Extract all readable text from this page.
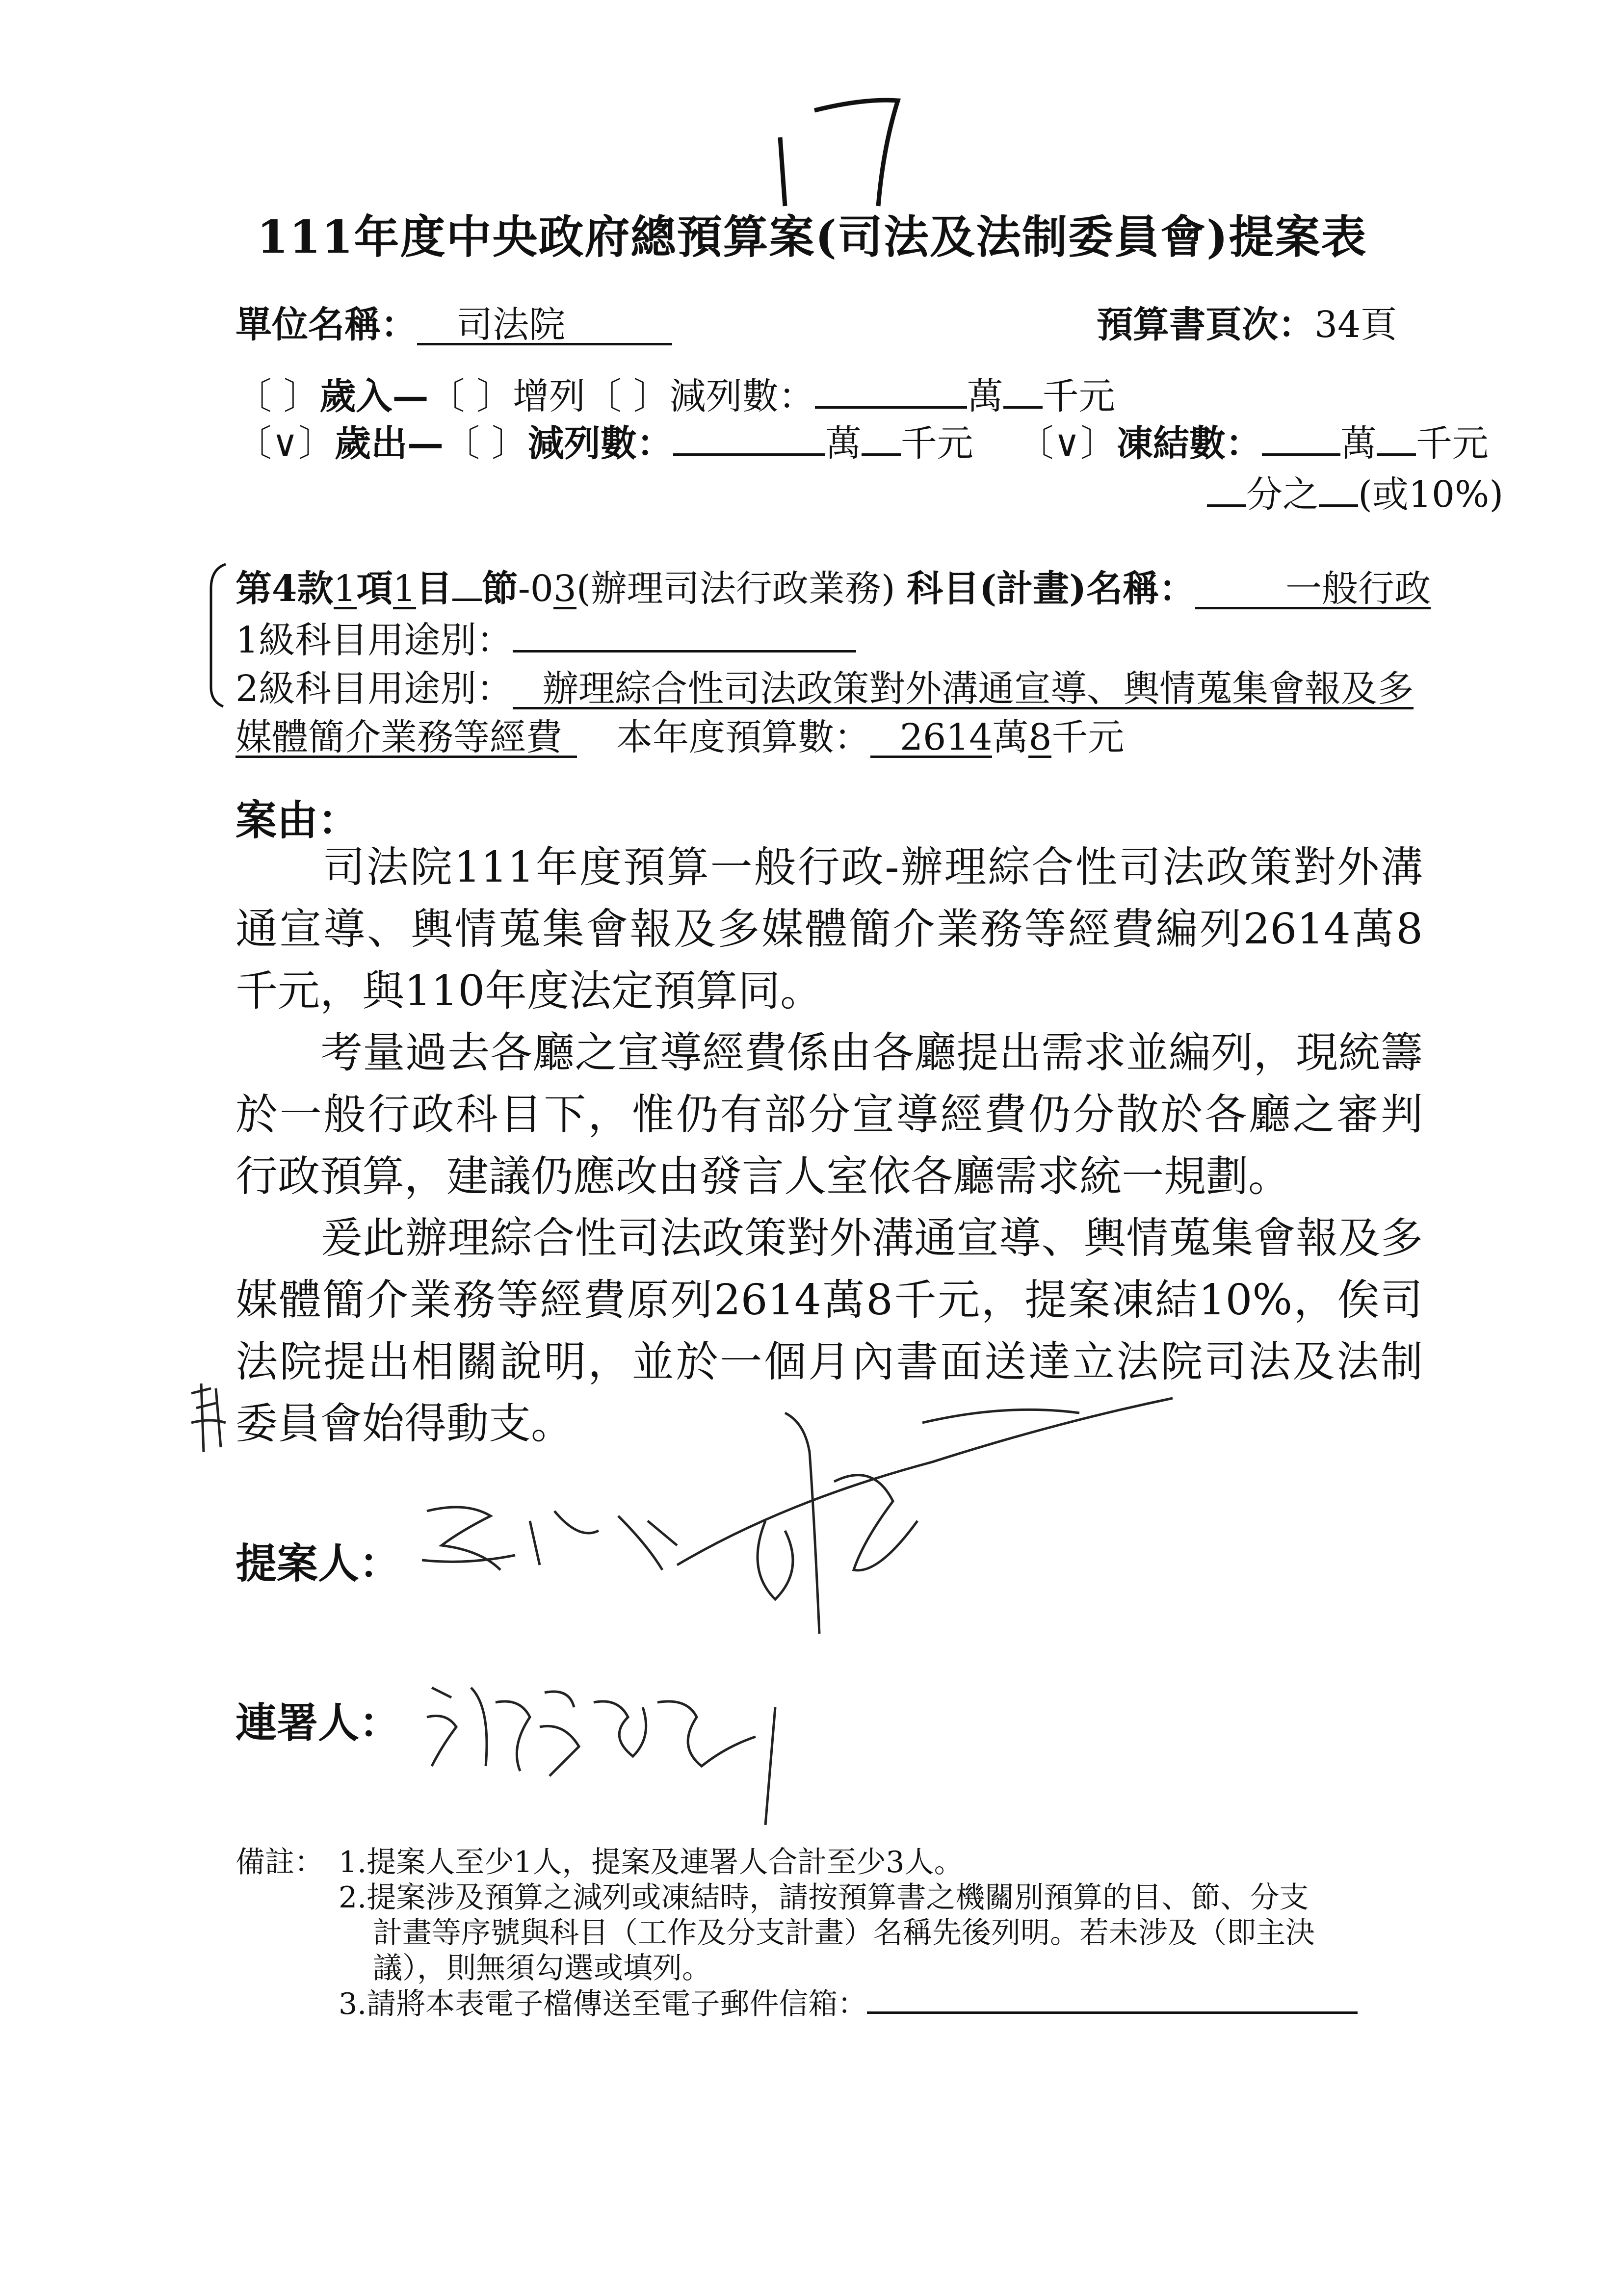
111年度中央政府總預算案(司法及法制委員會)提案表
單位名稱： 司法院	預算書頁次：34頁
〔 〕歲入—〔 〕增列〔 〕減列數：	萬 千元
〔∨〕歲出—〔 〕減列數：	萬 千元 〔∨〕凍結數： 萬 千元
分之 (或10%)
第4款1項1目 節-03(辦理司法行政業務) 科目(計畫)名稱： 一般行政
1級科目用途別：
2級科目用途別： 辦理綜合性司法政策對外溝通宣導、輿情蒐集會報及多
媒體簡介業務等經費 本年度預算數： 2614萬8千元
案由：
　　司法院111年度預算一般行政-辦理綜合性司法政策對外溝
通宣導、輿情蒐集會報及多媒體簡介業務等經費編列2614萬8
千元，與110年度法定預算同。
　　考量過去各廳之宣導經費係由各廳提出需求並編列，現統籌
於一般行政科目下，惟仍有部分宣導經費仍分散於各廳之審判
行政預算，建議仍應改由發言人室依各廳需求統一規劃。
　　爰此辦理綜合性司法政策對外溝通宣導、輿情蒐集會報及多
媒體簡介業務等經費原列2614萬8千元，提案凍結10%，俟司
法院提出相關說明，並於一個月內書面送達立法院司法及法制
委員會始得動支。
提案人：
連署人：
備註： 1.提案人至少1人，提案及連署人合計至少3人。
2.提案涉及預算之減列或凍結時，請按預算書之機關別預算的目、節、分支
計畫等序號與科目（工作及分支計畫）名稱先後列明。若未涉及（即主決
議），則無須勾選或填列。
3.請將本表電子檔傳送至電子郵件信箱：
